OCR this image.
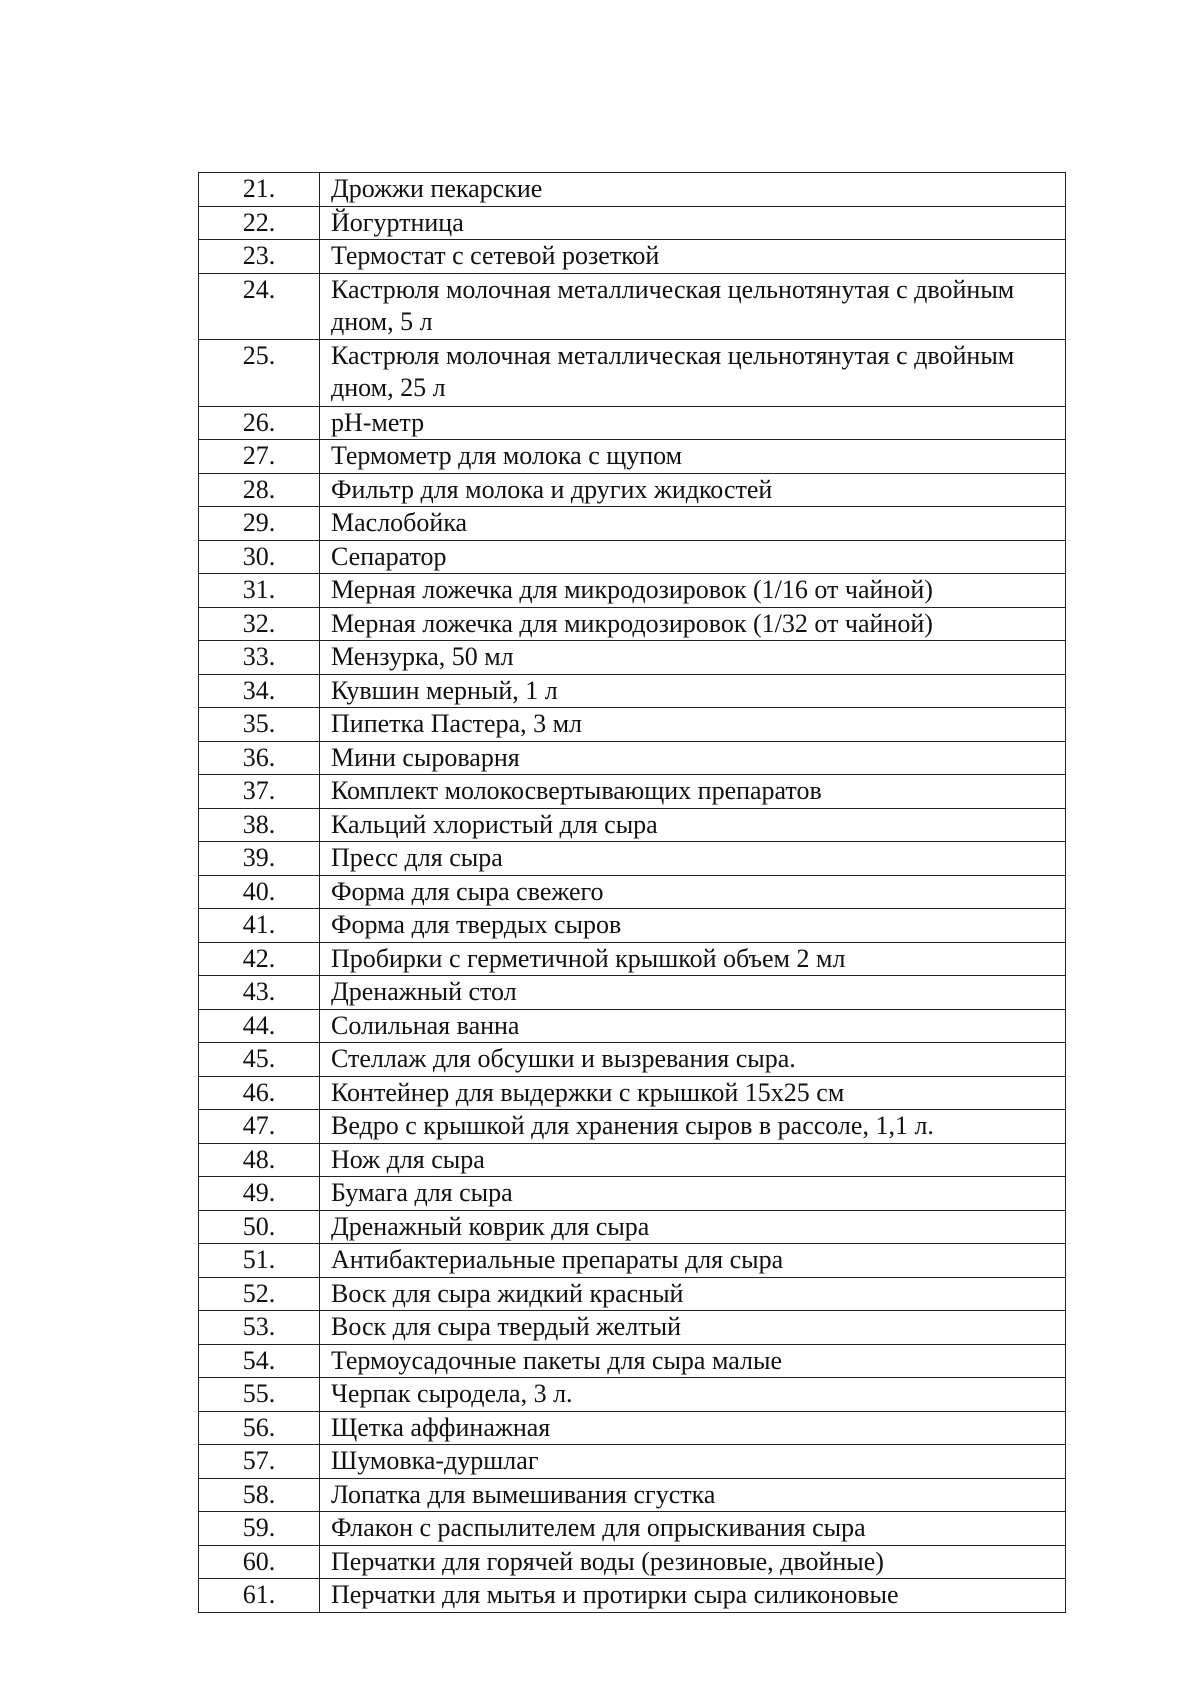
21.	Дрожжи пекарские
22.	Йогуртница
23.	Термостат с сетевой розеткой
24.	Кастрюля молочная металлическая цельнотянутая с двойным дном, 5 л
25.	Кастрюля молочная металлическая цельнотянутая с двойным дном, 25 л
26.	pH-метр
27.	Термометр для молока с щупом
28.	Фильтр для молока и других жидкостей
29.	Маслобойка
30.	Сепаратор
31.	Мерная ложечка для микродозировок (1/16 от чайной)
32.	Мерная ложечка для микродозировок (1/32 от чайной)
33.	Мензурка, 50 мл
34.	Кувшин мерный, 1 л
35.	Пипетка Пастера, 3 мл
36.	Мини сыроварня
37.	Комплект молокосвертывающих препаратов
38.	Кальций хлористый для сыра
39.	Пресс для сыра
40.	Форма для сыра свежего
41.	Форма для твердых сыров
42.	Пробирки с герметичной крышкой объем 2 мл
43.	Дренажный стол
44.	Солильная ванна
45.	Стеллаж для обсушки и вызревания сыра.
46.	Контейнер для выдержки с крышкой 15х25 см
47.	Ведро с крышкой для хранения сыров в рассоле, 1,1 л.
48.	Нож для сыра
49.	Бумага для сыра
50.	Дренажный коврик для сыра
51.	Антибактериальные препараты для сыра
52.	Воск для сыра жидкий красный
53.	Воск для сыра твердый желтый
54.	Термоусадочные пакеты для сыра малые
55.	Черпак сыродела, 3 л.
56.	Щетка аффинажная
57.	Шумовка-дуршлаг
58.	Лопатка для вымешивания сгустка
59.	Флакон с распылителем для опрыскивания сыра
60.	Перчатки для горячей воды (резиновые, двойные)
61.	Перчатки для мытья и протирки сыра силиконовые
